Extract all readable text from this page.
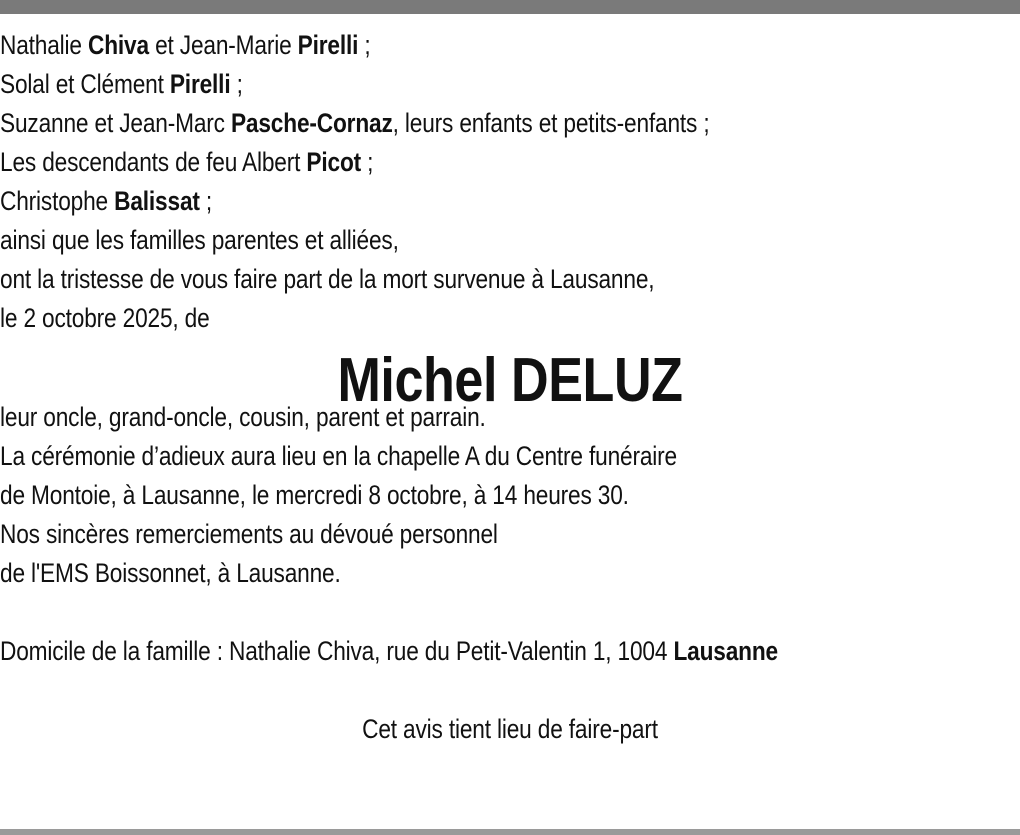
Nathalie Chiva et Jean-Marie Pirelli ;
Solal et Clément Pirelli ;
Suzanne et Jean-Marc Pasche-Cornaz, leurs enfants et petits-enfants ;
Les descendants de feu Albert Picot ;
Christophe Balissat ;
ainsi que les familles parentes et alliées,
ont la tristesse de vous faire part de la mort survenue à Lausanne,
le 2 octobre 2025, de
Michel DELUZ
leur oncle, grand-oncle, cousin, parent et parrain.
La cérémonie d’adieux aura lieu en la chapelle A du Centre funéraire
de Montoie, à Lausanne, le mercredi 8 octobre, à 14 heures 30.
Nos sincères remerciements au dévoué personnel
de l'EMS Boissonnet, à Lausanne.
Domicile de la famille : Nathalie Chiva, rue du Petit-Valentin 1, 1004 Lausanne
Cet avis tient lieu de faire-part
